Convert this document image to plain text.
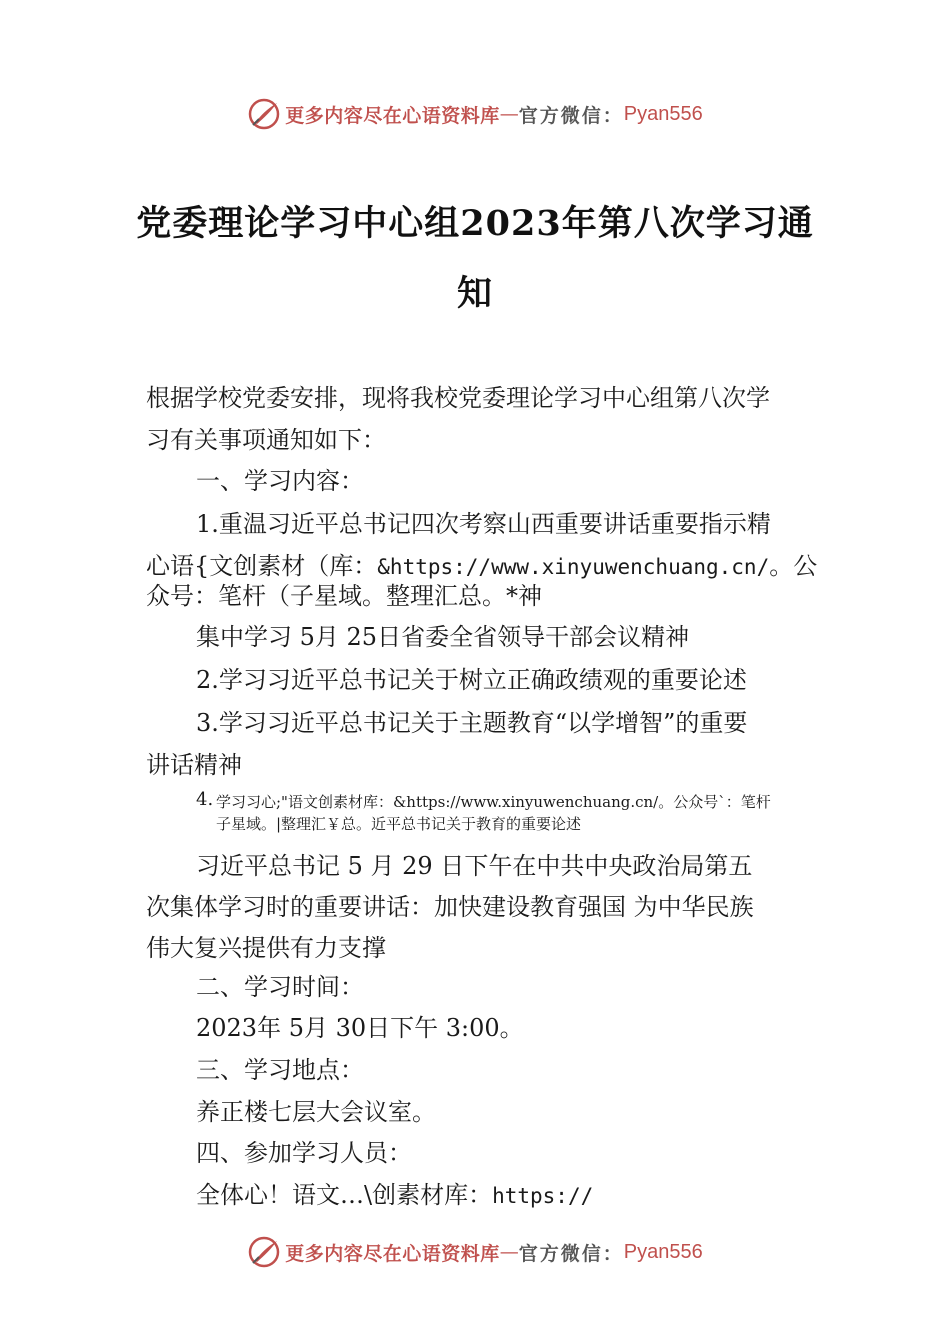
更多内容尽在心语资料库 — 官方微信： Pyan556
党委理论学习中心组2023年第八次学习通
知
根据学校党委安排，现将我校党委理论学习中心组第八次学
习有关事项通知如下：
一、学习内容：
1.重温习近平总书记四次考察山西重要讲话重要指示精
心语{文创素材（库：&https://www.xinyuwenchuang.cn/。公
众号：笔杆（子星域。整理汇总。*神
集中学习 5月 25日省委全省领导干部会议精神
2.学习习近平总书记关于树立正确政绩观的重要论述
3.学习习近平总书记关于主题教育“以学增智”的重要
讲话精神
4. 学习习心;"语文创素材库：&https://www.xinyuwenchuang.cn/。公众号`：笔杆
子星域。|整理汇￥总。近平总书记关于教育的重要论述
习近平总书记 5 月 29 日下午在中共中央政治局第五
次集体学习时的重要讲话：加快建设教育强国 为中华民族
伟大复兴提供有力支撑
二、学习时间：
2023年 5月 30日下午 3:00。
三、学习地点：
养正楼七层大会议室。
四、参加学习人员：
全体心！语文…\创素材库：https://
更多内容尽在心语资料库 — 官方微信： Pyan556
